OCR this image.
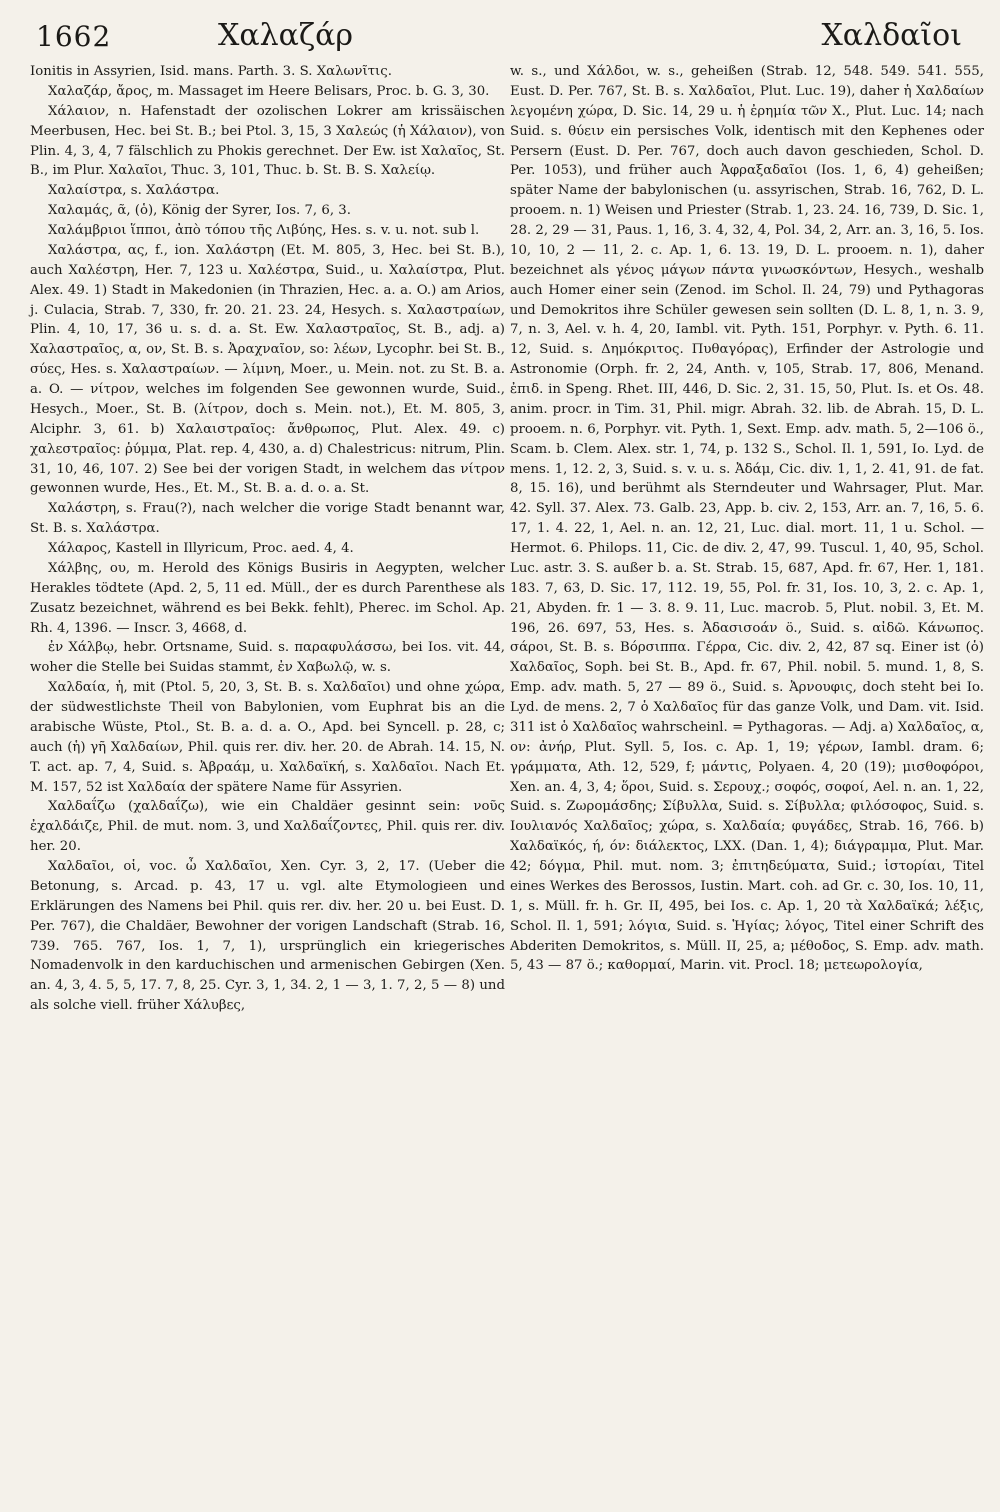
1662	Χαλαζάρ	Χαλδαῖοι

Ionitis in Assyrien, Isid. mans. Parth. 3. S. Χαλωνῖτις.

Χαλαζάρ, ἄρος, m. Massaget im Heere Belisars, Proc. b. G. 3, 30.

Χάλαιον, n. Hafenstadt der ozolischen Lokrer am krissäischen Meerbusen, Hec. bei St. B.; bei Ptol. 3, 15, 3 Χαλεώς (ἡ Χάλαιον), von Plin. 4, 3, 4, 7 fälschlich zu Phokis gerechnet. Der Ew. ist Χαλαῖος, St. B., im Plur. Χαλαῖοι, Thuc. 3, 101, Thuc. b. St. B. S. Χαλείῳ.

Χαλαίστρα, s. Χαλάστρα.

Χαλαμάς, ᾶ, (ὁ), König der Syrer, Ios. 7, 6, 3.

Χαλάμβριοι ἵπποι, ἀπὸ τόπου τῆς Λιβύης, Hes. s. v. u. not. sub l.

Χαλάστρα, ας, f., ion. Χαλάστρη (Et. M. 805, 3, Hec. bei St. B.), auch Χαλέστρη, Her. 7, 123 u. Χαλέστρα, Suid., u. Χαλαίστρα, Plut. Alex. 49. 1) Stadt in Makedonien (in Thrazien, Hec. a. a. O.) am Arios, j. Culacia, Strab. 7, 330, fr. 20. 21. 23. 24, Hesych. s. Χαλαστραίων, Plin. 4, 10, 17, 36 u. s. d. a. St. Ew. Χαλαστραῖος, St. B., adj. a) Χαλαστραῖος, α, ον, St. B. s. Ἀραχναῖον, so: λέων, Lycophr. bei St. B., σύες, Hes. s. Χαλαστραίων. — λίμνη, Moer., u. Mein. not. zu St. B. a. a. O. — νίτρον, welches im folgenden See gewonnen wurde, Suid., Hesych., Moer., St. B. (λίτρον, doch s. Mein. not.), Et. M. 805, 3, Alciphr. 3, 61. b) Χαλαιστραῖος: ἄνθρωπος, Plut. Alex. 49. c) χαλεστραῖος: ῥύμμα, Plat. rep. 4, 430, a. d) Chalestricus: nitrum, Plin. 31, 10, 46, 107. 2) See bei der vorigen Stadt, in welchem das νίτρον gewonnen wurde, Hes., Et. M., St. B. a. d. o. a. St.

Χαλάστρη, s. Frau(?), nach welcher die vorige Stadt benannt war, St. B. s. Χαλάστρα.

Χάλαρος, Kastell in Illyricum, Proc. aed. 4, 4.

Χάλβης, ου, m. Herold des Königs Busiris in Aegypten, welcher Herakles tödtete (Apd. 2, 5, 11 ed. Müll., der es durch Parenthese als Zusatz bezeichnet, während es bei Bekk. fehlt), Pherec. im Schol. Ap. Rh. 4, 1396. — Inscr. 3, 4668, d.

ἐν Χάλβῳ, hebr. Ortsname, Suid. s. παραφυλάσσω, bei Ios. vit. 44, woher die Stelle bei Suidas stammt, ἐν Χαβωλῷ, w. s.

Χαλδαία, ἡ, mit (Ptol. 5, 20, 3, St. B. s. Χαλδαῖοι) und ohne χώρα, der südwestlichste Theil von Babylonien, vom Euphrat bis an die arabische Wüste, Ptol., St. B. a. d. a. O., Apd. bei Syncell. p. 28, c; auch (ἡ) γῆ Χαλδαίων, Phil. quis rer. div. her. 20. de Abrah. 14. 15, N. T. act. ap. 7, 4, Suid. s. Ἀβραάμ, u. Χαλδαϊκή, s. Χαλδαῖοι. Nach Et. M. 157, 52 ist Χαλδαία der spätere Name für Assyrien.

Χαλδαΐζω (χαλδαΐζω), wie ein Chaldäer gesinnt sein: νοῦς ἐχαλδάιζε, Phil. de mut. nom. 3, und Χαλδαΐζοντες, Phil. quis rer. div. her. 20.

Χαλδαῖοι, οἱ, voc. ὦ Χαλδαῖοι, Xen. Cyr. 3, 2, 17. (Ueber die Betonung, s. Arcad. p. 43, 17 u. vgl. alte Etymologieen und Erklärungen des Namens bei Phil. quis rer. div. her. 20 u. bei Eust. D. Per. 767), die Chaldäer, Bewohner der vorigen Landschaft (Strab. 16, 739. 765. 767, Ios. 1, 7, 1), ursprünglich ein kriegerisches Nomadenvolk in den karduchischen und armenischen Gebirgen (Xen. an. 4, 3, 4. 5, 5, 17. 7, 8, 25. Cyr. 3, 1, 34. 2, 1 — 3, 1. 7, 2, 5 — 8) und als solche viell. früher Χάλυβες,

w. s., und Χάλδοι, w. s., geheißen (Strab. 12, 548. 549. 541. 555, Eust. D. Per. 767, St. B. s. Χαλδαῖοι, Plut. Luc. 19), daher ἡ Χαλδαίων λεγομένη χώρα, D. Sic. 14, 29 u. ἡ ἐρημία τῶν Χ., Plut. Luc. 14; nach Suid. s. θύειν ein persisches Volk, identisch mit den Kephenes oder Persern (Eust. D. Per. 767, doch auch davon geschieden, Schol. D. Per. 1053), und früher auch Ἀφραξαδαῖοι (Ios. 1, 6, 4) geheißen; später Name der babylonischen (u. assyrischen, Strab. 16, 762, D. L. prooem. n. 1) Weisen und Priester (Strab. 1, 23. 24. 16, 739, D. Sic. 1, 28. 2, 29 — 31, Paus. 1, 16, 3. 4, 32, 4, Pol. 34, 2, Arr. an. 3, 16, 5. Ios. 10, 10, 2 — 11, 2. c. Ap. 1, 6. 13. 19, D. L. prooem. n. 1), daher bezeichnet als γένος μάγων πάντα γινωσκόντων, Hesych., weshalb auch Homer einer sein (Zenod. im Schol. Il. 24, 79) und Pythagoras und Demokritos ihre Schüler gewesen sein sollten (D. L. 8, 1, n. 3. 9, 7, n. 3, Ael. v. h. 4, 20, Iambl. vit. Pyth. 151, Porphyr. v. Pyth. 6. 11. 12, Suid. s. Δημόκριτος. Πυθαγόρας), Erfinder der Astrologie und Astronomie (Orph. fr. 2, 24, Anth. v, 105, Strab. 17, 806, Menand. ἐπιδ. in Speng. Rhet. III, 446, D. Sic. 2, 31. 15, 50, Plut. Is. et Os. 48. anim. procr. in Tim. 31, Phil. migr. Abrah. 32. lib. de Abrah. 15, D. L. prooem. n. 6, Porphyr. vit. Pyth. 1, Sext. Emp. adv. math. 5, 2—106 ö., Scam. b. Clem. Alex. str. 1, 74, p. 132 S., Schol. Il. 1, 591, Io. Lyd. de mens. 1, 12. 2, 3, Suid. s. v. u. s. Ἀδάμ, Cic. div. 1, 1, 2. 41, 91. de fat. 8, 15. 16), und berühmt als Sterndeuter und Wahrsager, Plut. Mar. 42. Syll. 37. Alex. 73. Galb. 23, App. b. civ. 2, 153, Arr. an. 7, 16, 5. 6. 17, 1. 4. 22, 1, Ael. n. an. 12, 21, Luc. dial. mort. 11, 1 u. Schol. — Hermot. 6. Philops. 11, Cic. de div. 2, 47, 99. Tuscul. 1, 40, 95, Schol. Luc. astr. 3. S. außer b. a. St. Strab. 15, 687, Apd. fr. 67, Her. 1, 181. 183. 7, 63, D. Sic. 17, 112. 19, 55, Pol. fr. 31, Ios. 10, 3, 2. c. Ap. 1, 21, Abyden. fr. 1 — 3. 8. 9. 11, Luc. macrob. 5, Plut. nobil. 3, Et. M. 196, 26. 697, 53, Hes. s. Ἀδασισοάν ö., Suid. s. αἰδῶ. Κάνωπος. σάροι, St. B. s. Βόρσιππα. Γέρρα, Cic. div. 2, 42, 87 sq. Einer ist (ὁ) Χαλδαῖος, Soph. bei St. B., Apd. fr. 67, Phil. nobil. 5. mund. 1, 8, S. Emp. adv. math. 5, 27 — 89 ö., Suid. s. Ἀρνουφις, doch steht bei Io. Lyd. de mens. 2, 7 ὁ Χαλδαῖος für das ganze Volk, und Dam. vit. Isid. 311 ist ὁ Χαλδαῖος wahrscheinl. = Pythagoras. — Adj. a) Χαλδαῖος, α, ον: ἀνήρ, Plut. Syll. 5, Ios. c. Ap. 1, 19; γέρων, Iambl. dram. 6; γράμματα, Ath. 12, 529, f; μάντις, Polyaen. 4, 20 (19); μισθοφόροι, Xen. an. 4, 3, 4; ὅροι, Suid. s. Σερουχ.; σοφός, σοφοί, Ael. n. an. 1, 22, Suid. s. Ζωρομάσδης; Σίβυλλα, Suid. s. Σίβυλλα; φιλόσοφος, Suid. s. Ιουλιανός Χαλδαῖος; χώρα, s. Χαλδαία; φυγάδες, Strab. 16, 766. b) Χαλδαϊκός, ή, όν: διάλεκτος, LXX. (Dan. 1, 4); διάγραμμα, Plut. Mar. 42; δόγμα, Phil. mut. nom. 3; ἐπιτηδεύματα, Suid.; ἱστορίαι, Titel eines Werkes des Berossos, Iustin. Mart. coh. ad Gr. c. 30, Ios. 10, 11, 1, s. Müll. fr. h. Gr. II, 495, bei Ios. c. Ap. 1, 20 τὰ Χαλδαϊκά; λέξις, Schol. Il. 1, 591; λόγια, Suid. s. Ἡγίας; λόγος, Titel einer Schrift des Abderiten Demokritos, s. Müll. II, 25, a; μέθοδος, S. Emp. adv. math. 5, 43 — 87 ö.; καθορμαί, Marin. vit. Procl. 18; μετεωρολογία,
